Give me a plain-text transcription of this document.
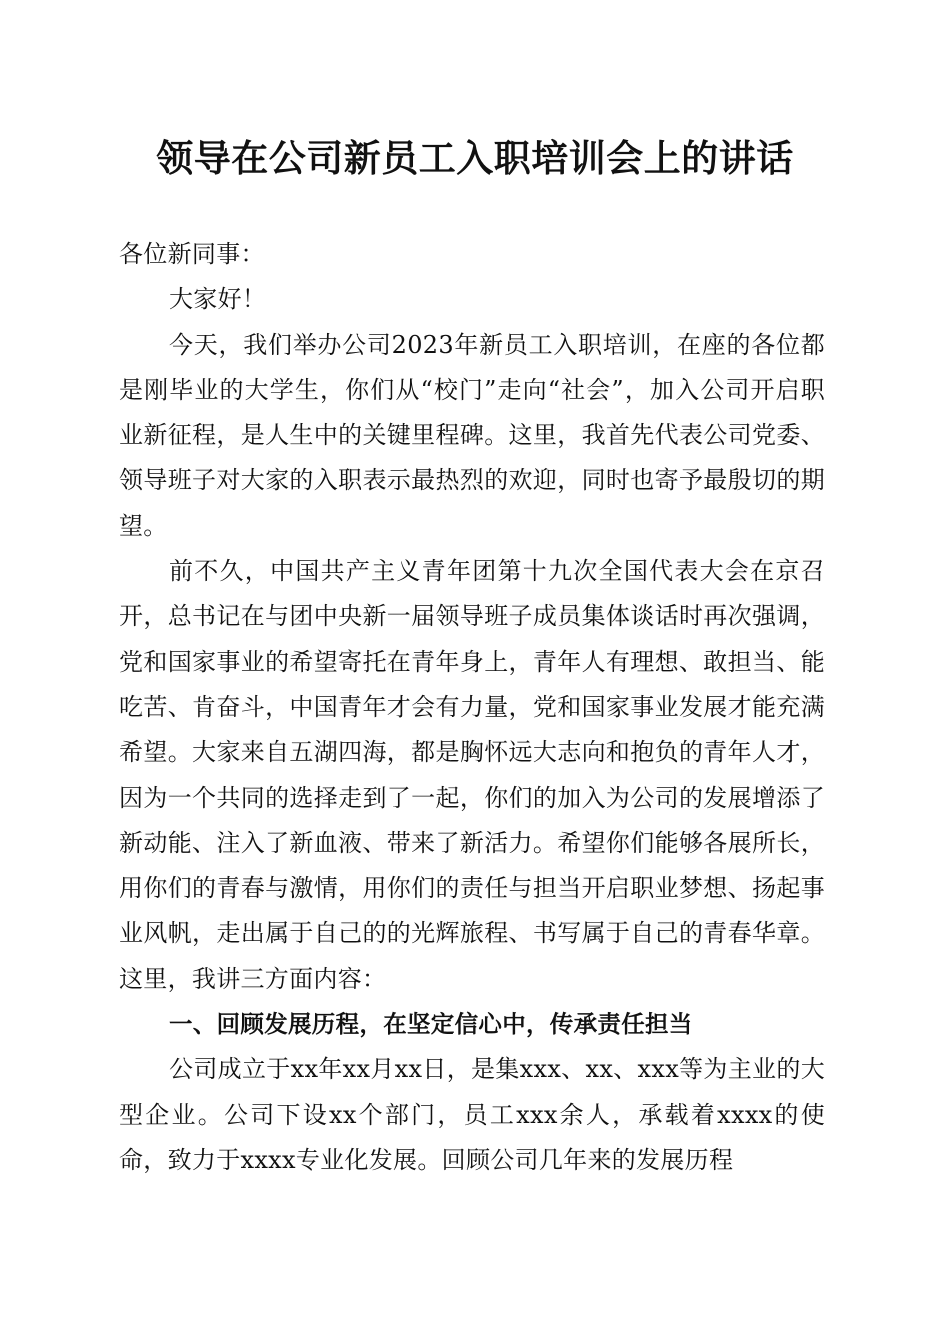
领导在公司新员工入职培训会上的讲话

各位新同事：

大家好！

今天，我们举办公司2023年新员工入职培训，在座的各位都是刚毕业的大学生，你们从“校门”走向“社会”，加入公司开启职业新征程，是人生中的关键里程碑。这里，我首先代表公司党委、领导班子对大家的入职表示最热烈的欢迎，同时也寄予最殷切的期望。

前不久，中国共产主义青年团第十九次全国代表大会在京召开，总书记在与团中央新一届领导班子成员集体谈话时再次强调，党和国家事业的希望寄托在青年身上，青年人有理想、敢担当、能吃苦、肯奋斗，中国青年才会有力量，党和国家事业发展才能充满希望。大家来自五湖四海，都是胸怀远大志向和抱负的青年人才，因为一个共同的选择走到了一起，你们的加入为公司的发展增添了新动能、注入了新血液、带来了新活力。希望你们能够各展所长，用你们的青春与激情，用你们的责任与担当开启职业梦想、扬起事业风帆，走出属于自己的的光辉旅程、书写属于自己的青春华章。这里，我讲三方面内容：

一、回顾发展历程，在坚定信心中，传承责任担当

公司成立于xx年xx月xx日，是集xxx、xx、xxx等为主业的大型企业。公司下设xx个部门，员工xxx余人，承载着xxxx的使命，致力于xxxx专业化发展。回顾公司几年来的发展历程
